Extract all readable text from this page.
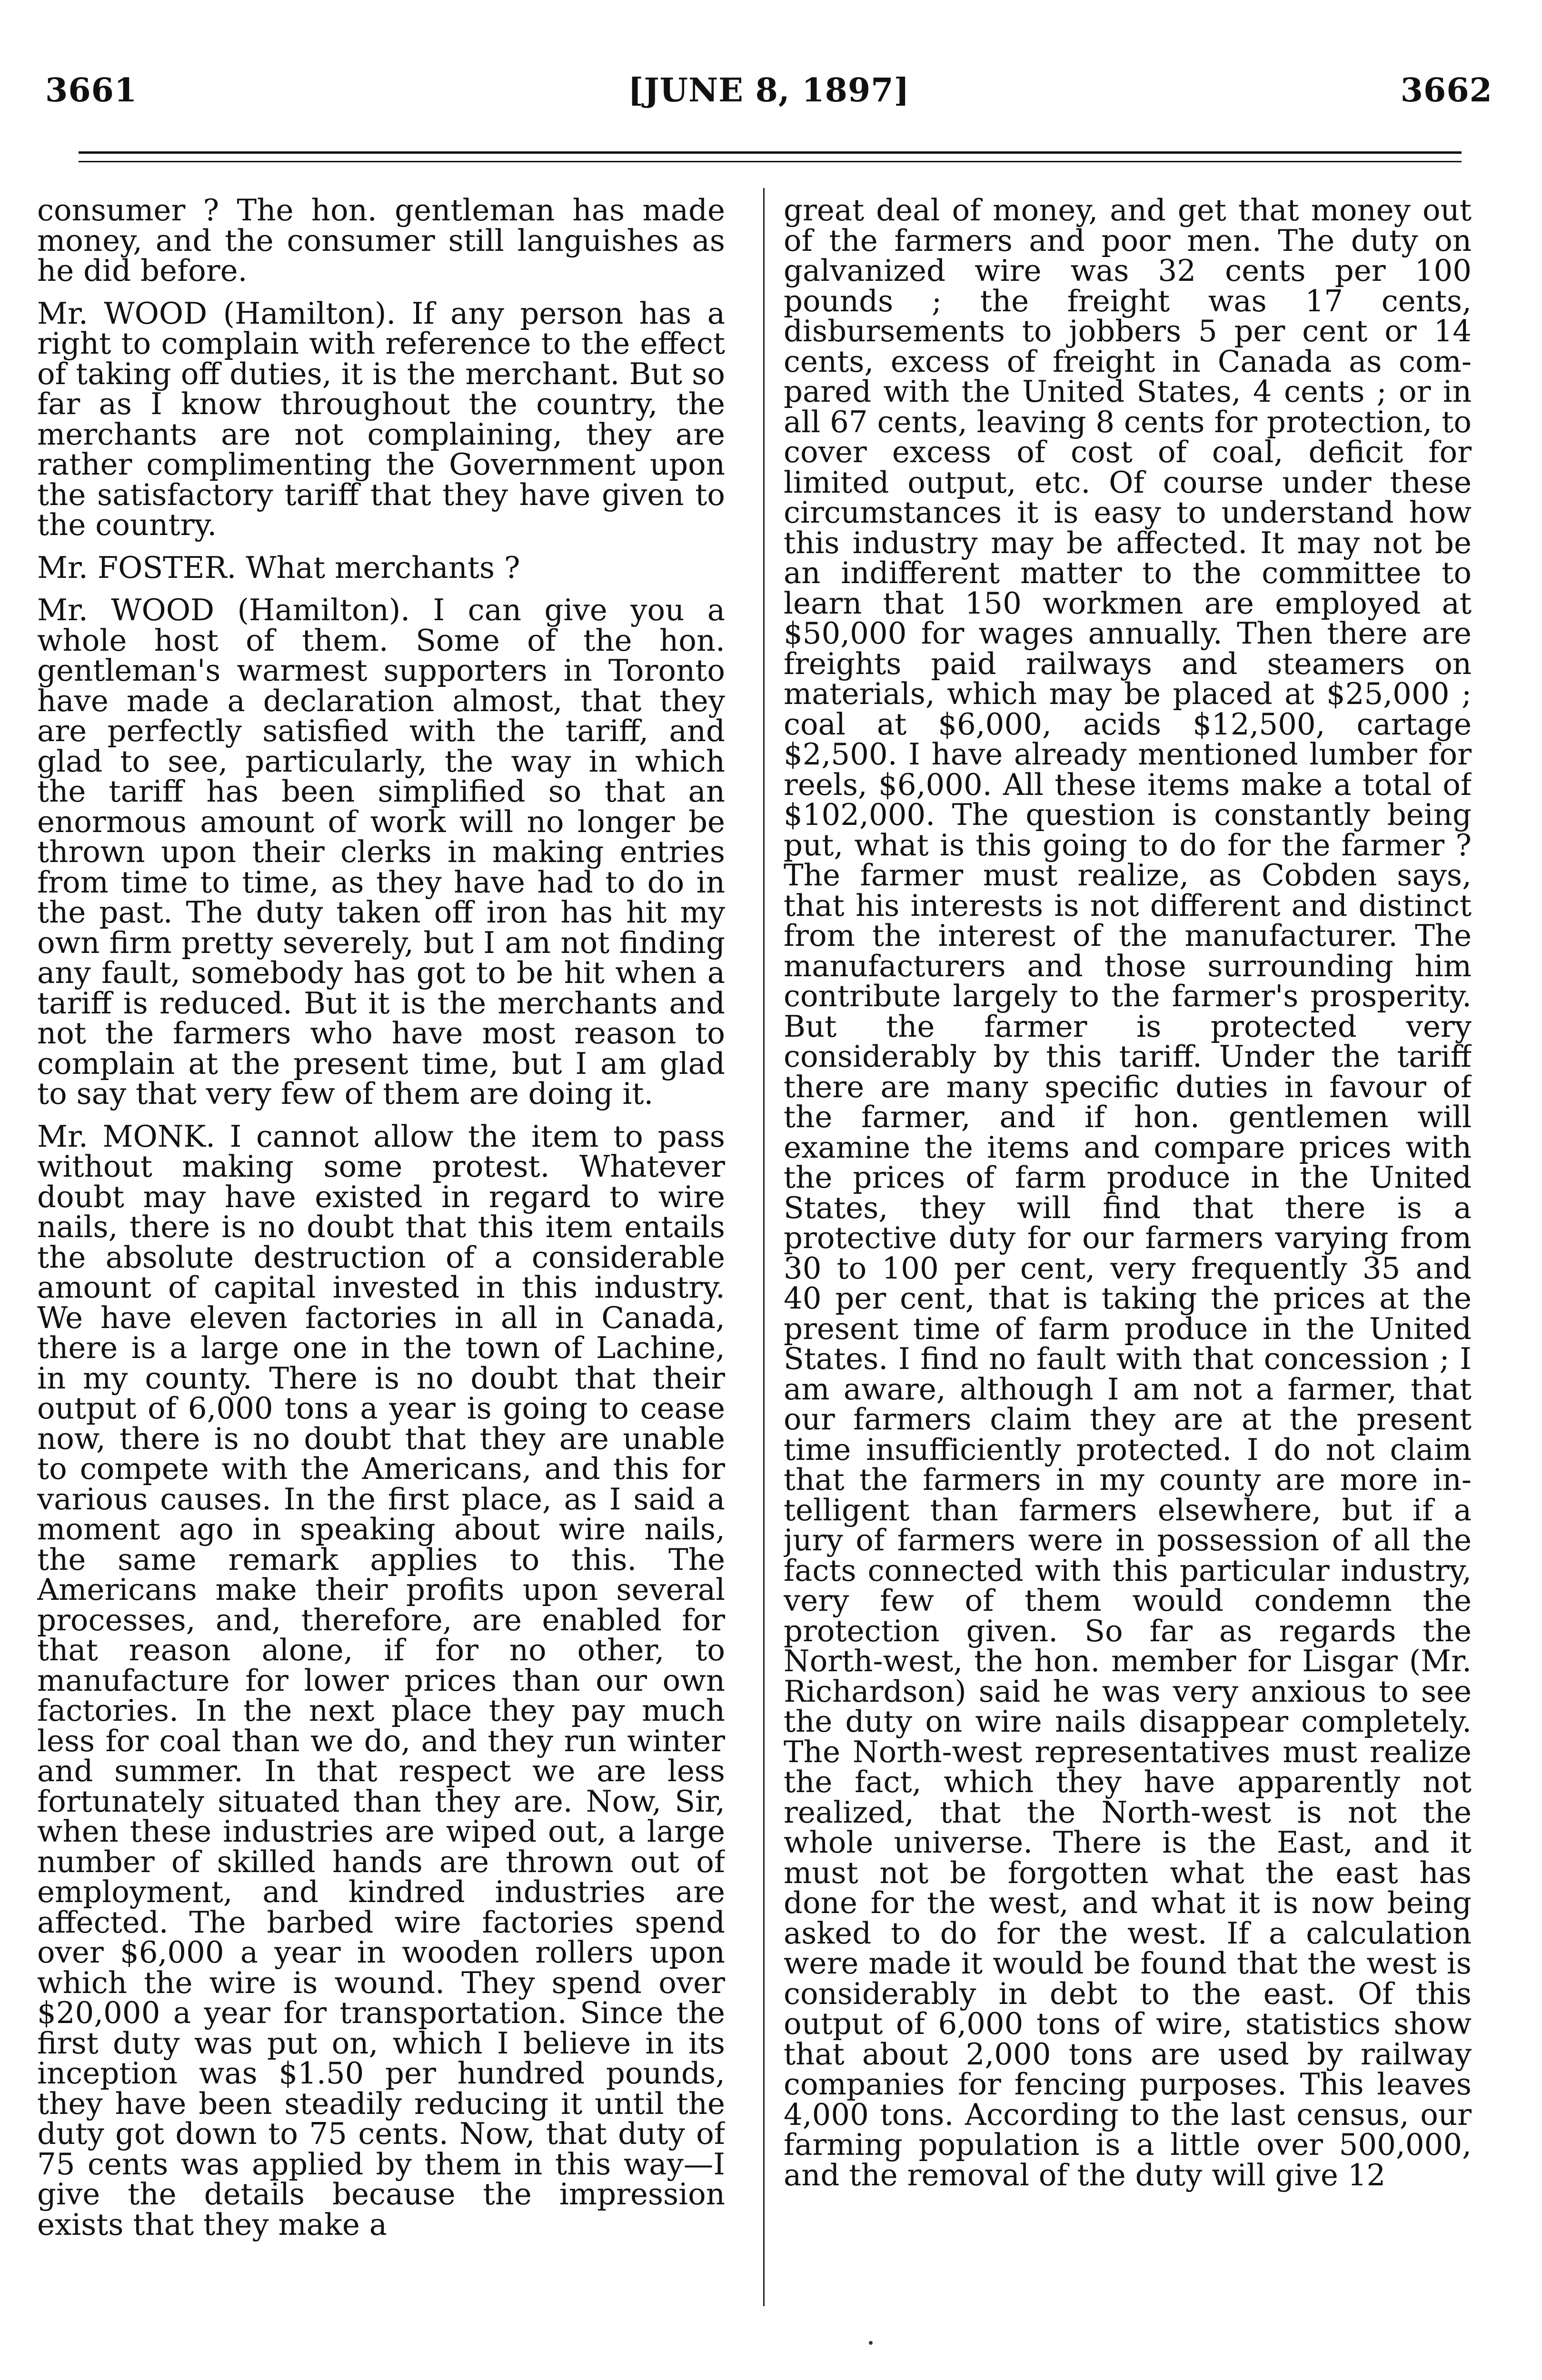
3661	[JUNE 8, 1897]	3662

consumer ? The hon. gentleman has made money, and the consumer still languishes as he did before.

Mr. WOOD (Hamilton). If any person has a right to complain with reference to the effect of taking off duties, it is the merchant. But so far as I know throughout the country, the merchants are not complaining, they are rather complimenting the Government upon the satisfactory tariff that they have given to the country.

Mr. FOSTER. What merchants ?

Mr. WOOD (Hamilton). I can give you a whole host of them. Some of the hon. gentleman's warmest supporters in Toronto have made a declaration almost, that they are perfectly satisfied with the tariff, and glad to see, particularly, the way in which the tariff has been simplified so that an enormous amount of work will no longer be thrown upon their clerks in making entries from time to time, as they have had to do in the past. The duty taken off iron has hit my own firm pretty severely, but I am not finding any fault, somebody has got to be hit when a tariff is reduced. But it is the merchants and not the farmers who have most reason to complain at the present time, but I am glad to say that very few of them are doing it.

Mr. MONK. I cannot allow the item to pass without making some protest. Whatever doubt may have existed in regard to wire nails, there is no doubt that this item entails the absolute destruction of a considerable amount of capital invested in this industry. We have eleven factories in all in Canada, there is a large one in the town of Lachine, in my county. There is no doubt that their output of 6,000 tons a year is going to cease now, there is no doubt that they are unable to compete with the Americans, and this for various causes. In the first place, as I said a moment ago in speaking about wire nails, the same remark applies to this. The Americans make their profits upon several processes, and, therefore, are enabled for that reason alone, if for no other, to manufacture for lower prices than our own factories. In the next place they pay much less for coal than we do, and they run winter and summer. In that respect we are less fortunately situated than they are. Now, Sir, when these industries are wiped out, a large number of skilled hands are thrown out of employment, and kindred industries are affected. The barbed wire factories spend over $6,000 a year in wooden rollers upon which the wire is wound. They spend over $20,000 a year for transportation. Since the first duty was put on, which I believe in its inception was $1.50 per hundred pounds, they have been steadily reducing it until the duty got down to 75 cents. Now, that duty of 75 cents was applied by them in this way—I give the details because the impression exists that they make a

great deal of money, and get that money out of the farmers and poor men. The duty on galvanized wire was 32 cents per 100 pounds ; the freight was 17 cents, disbursements to jobbers 5 per cent or 14 cents, excess of freight in Canada as compared with the United States, 4 cents ; or in all 67 cents, leaving 8 cents for protection, to cover excess of cost of coal, deficit for limited output, etc. Of course under these circumstances it is easy to understand how this industry may be affected. It may not be an indifferent matter to the committee to learn that 150 workmen are employed at $50,000 for wages annually. Then there are freights paid railways and steamers on materials, which may be placed at $25,000 ; coal at $6,000, acids $12,500, cartage $2,500. I have already mentioned lumber for reels, $6,000. All these items make a total of $102,000. The question is constantly being put, what is this going to do for the farmer ? The farmer must realize, as Cobden says, that his interests is not different and distinct from the interest of the manufacturer. The manufacturers and those surrounding him contribute largely to the farmer's prosperity. But the farmer is protected very considerably by this tariff. Under the tariff there are many specific duties in favour of the farmer, and if hon. gentlemen will examine the items and compare prices with the prices of farm produce in the United States, they will find that there is a protective duty for our farmers varying from 30 to 100 per cent, very frequently 35 and 40 per cent, that is taking the prices at the present time of farm produce in the United States. I find no fault with that concession ; I am aware, although I am not a farmer, that our farmers claim they are at the present time insufficiently protected. I do not claim that the farmers in my county are more intelligent than farmers elsewhere, but if a jury of farmers were in possession of all the facts connected with this particular industry, very few of them would condemn the protection given. So far as regards the North-west, the hon. member for Lisgar (Mr. Richardson) said he was very anxious to see the duty on wire nails disappear completely. The North-west representatives must realize the fact, which they have apparently not realized, that the North-west is not the whole universe. There is the East, and it must not be forgotten what the east has done for the west, and what it is now being asked to do for the west. If a calculation were made it would be found that the west is considerably in debt to the east. Of this output of 6,000 tons of wire, statistics show that about 2,000 tons are used by railway companies for fencing purposes. This leaves 4,000 tons. According to the last census, our farming population is a little over 500,000, and the removal of the duty will give 12
